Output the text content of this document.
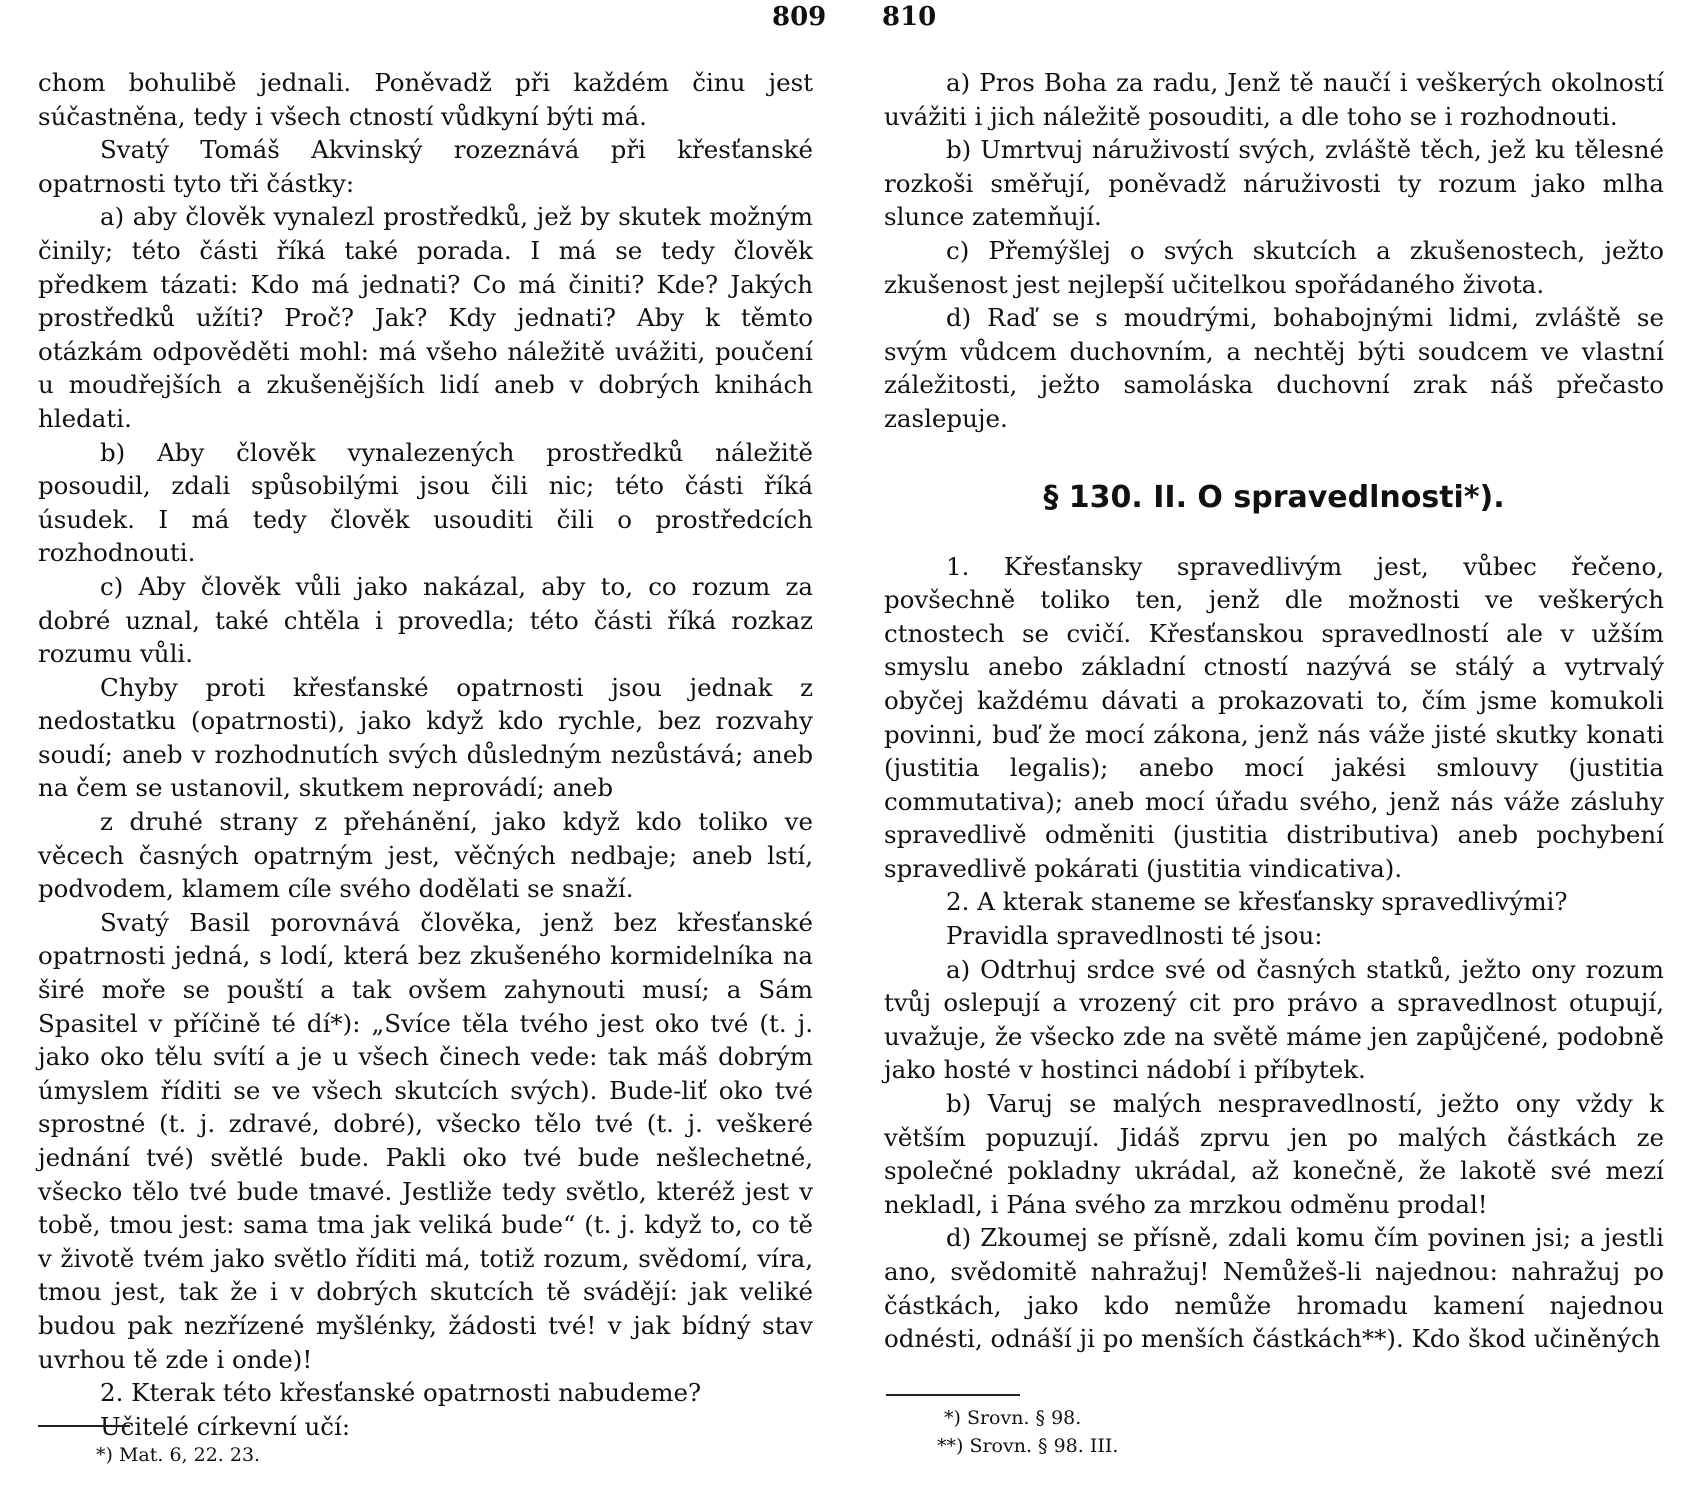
809 810

chom bohulibě jednali. Poněvadž při každém činu jest súčastněna, tedy i všech ctností vůdkyní býti má.

Svatý Tomáš Akvinský rozeznává při křesťanské opatrnosti tyto tři částky:

a) aby člověk vynalezl prostředků, jež by skutek možným činily; této části říká také porada. I má se tedy člověk předkem tázati: Kdo má jednati? Co má činiti? Kde? Jakých prostředků užíti? Proč? Jak? Kdy jednati? Aby k těmto otázkám odpověděti mohl: má všeho náležitě uvážiti, poučení u moudřejších a zkušenějších lidí aneb v dobrých knihách hledati.

b) Aby člověk vynalezených prostředků náležitě posoudil, zdali spůsobilými jsou čili nic; této části říká úsudek. I má tedy člověk usouditi čili o prostředcích rozhodnouti.

c) Aby člověk vůli jako nakázal, aby to, co rozum za dobré uznal, také chtěla i provedla; této části říká rozkaz rozumu vůli.

Chyby proti křesťanské opatrnosti jsou jednak z nedostatku (opatrnosti), jako když kdo rychle, bez rozvahy soudí; aneb v rozhodnutích svých důsledným nezůstává; aneb na čem se ustanovil, skutkem neprovádí; aneb

z druhé strany z přehánění, jako když kdo toliko ve věcech časných opatrným jest, věčných nedbaje; aneb lstí, podvodem, klamem cíle svého dodělati se snaží.

Svatý Basil porovnává člověka, jenž bez křesťanské opatrnosti jedná, s lodí, která bez zkušeného kormidelníka na širé moře se pouští a tak ovšem zahynouti musí; a Sám Spasitel v příčině té dí*): „Svíce těla tvého jest oko tvé (t. j. jako oko tělu svítí a je u všech činech vede: tak máš dobrým úmyslem říditi se ve všech skutcích svých). Bude-liť oko tvé sprostné (t. j. zdravé, dobré), všecko tělo tvé (t. j. veškeré jednání tvé) světlé bude. Pakli oko tvé bude nešlechetné, všecko tělo tvé bude tmavé. Jestliže tedy světlo, kteréž jest v tobě, tmou jest: sama tma jak veliká bude“ (t. j. když to, co tě v životě tvém jako světlo říditi má, totiž rozum, svědomí, víra, tmou jest, tak že i v dobrých skutcích tě svádějí: jak veliké budou pak nezřízené myšlénky, žádosti tvé! v jak bídný stav uvrhou tě zde i onde)!

2. Kterak této křesťanské opatrnosti nabudeme?

Učitelé církevní učí:

*) Mat. 6, 22. 23.

a) Pros Boha za radu, Jenž tě naučí i veškerých okolností uvážiti i jich náležitě posouditi, a dle toho se i rozhodnouti.

b) Umrtvuj náruživostí svých, zvláště těch, jež ku tělesné rozkoši směřují, poněvadž náruživosti ty rozum jako mlha slunce zatemňují.

c) Přemýšlej o svých skutcích a zkušenostech, ježto zkušenost jest nejlepší učitelkou spořádaného života.

d) Raď se s moudrými, bohabojnými lidmi, zvláště se svým vůdcem duchovním, a nechtěj býti soudcem ve vlastní záležitosti, ježto samoláska duchovní zrak náš přečasto zaslepuje.

§ 130. II. O spravedlnosti*).

1. Křesťansky spravedlivým jest, vůbec řečeno, povšechně toliko ten, jenž dle možnosti ve veškerých ctnostech se cvičí. Křesťanskou spravedlností ale v užším smyslu anebo základní ctností nazývá se stálý a vytrvalý obyčej každému dávati a prokazovati to, čím jsme komukoli povinni, buď že mocí zákona, jenž nás váže jisté skutky konati (justitia legalis); anebo mocí jakési smlouvy (justitia commutativa); aneb mocí úřadu svého, jenž nás váže zásluhy spravedlivě odměniti (justitia distributiva) aneb pochybení spravedlivě pokárati (justitia vindicativa).

2. A kterak staneme se křesťansky spravedlivými?

Pravidla spravedlnosti té jsou:

a) Odtrhuj srdce své od časných statků, ježto ony rozum tvůj oslepují a vrozený cit pro právo a spravedlnost otupují, uvažuje, že všecko zde na světě máme jen zapůjčené, podobně jako hosté v hostinci nádobí i příbytek.

b) Varuj se malých nespravedlností, ježto ony vždy k větším popuzují. Jidáš zprvu jen po malých částkách ze společné pokladny ukrádal, až konečně, že lakotě své mezí nekladl, i Pána svého za mrzkou odměnu prodal!

d) Zkoumej se přísně, zdali komu čím povinen jsi; a jestli ano, svědomitě nahražuj! Nemůžeš-li najednou: nahražuj po částkách, jako kdo nemůže hromadu kamení najednou odnésti, odnáší ji po menších částkách**). Kdo škod učiněných

*) Srovn. § 98.
**) Srovn. § 98. III.
